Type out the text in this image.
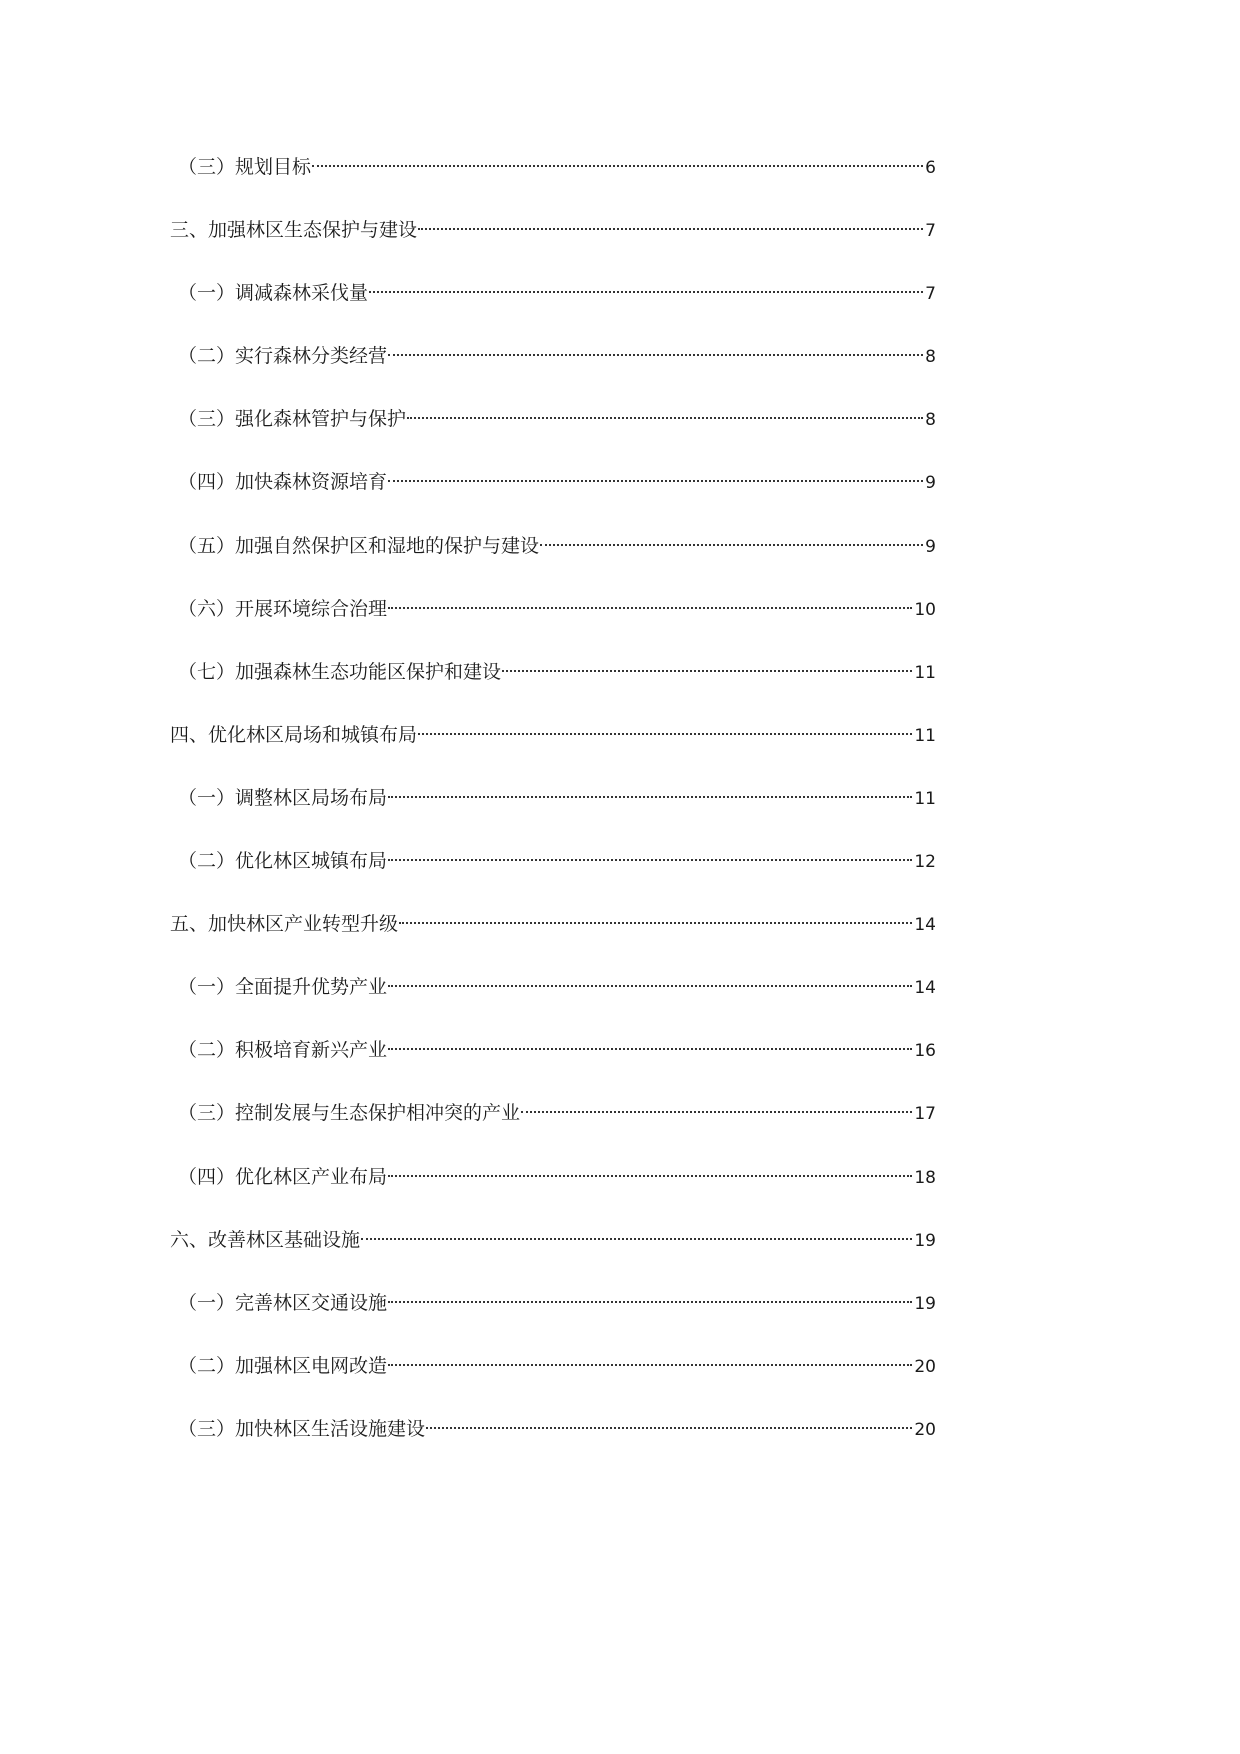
（三）规划目标	6
三、加强林区生态保护与建设	7
（一）调减森林采伐量	7
（二）实行森林分类经营	8
（三）强化森林管护与保护	8
（四）加快森林资源培育	9
（五）加强自然保护区和湿地的保护与建设	9
（六）开展环境综合治理	10
（七）加强森林生态功能区保护和建设	11
四、优化林区局场和城镇布局	11
（一）调整林区局场布局	11
（二）优化林区城镇布局	12
五、加快林区产业转型升级	14
（一）全面提升优势产业	14
（二）积极培育新兴产业	16
（三）控制发展与生态保护相冲突的产业	17
（四）优化林区产业布局	18
六、改善林区基础设施	19
（一）完善林区交通设施	19
（二）加强林区电网改造	20
（三）加快林区生活设施建设	20
